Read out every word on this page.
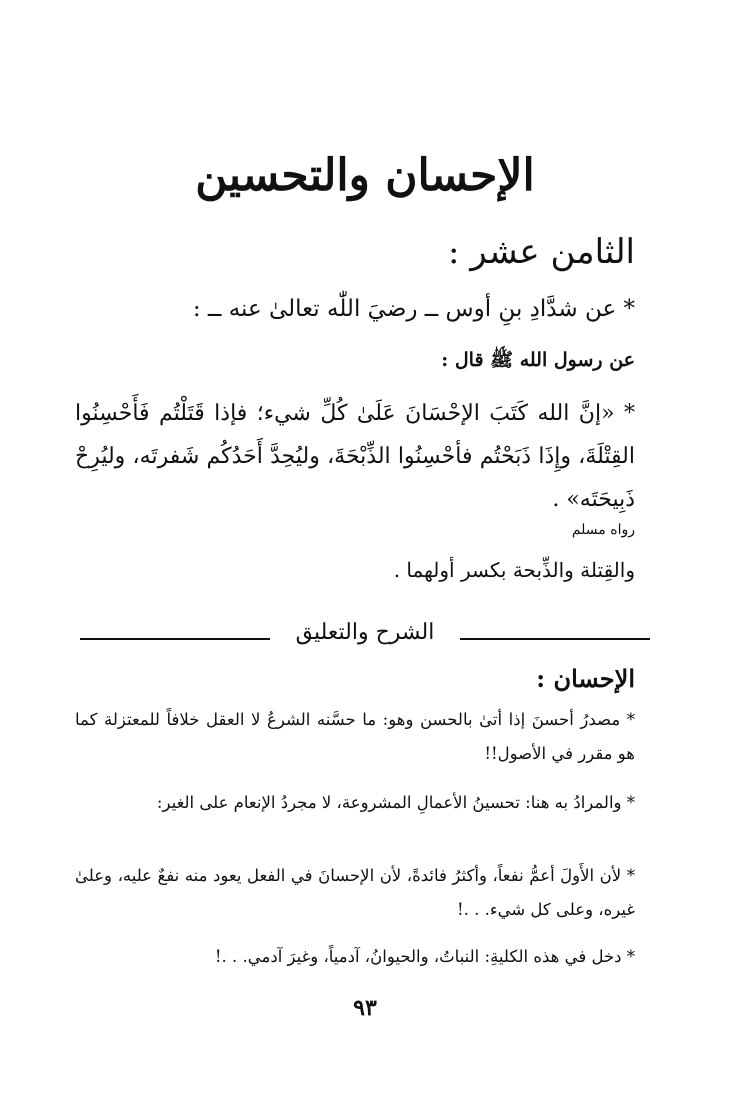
الإحسان والتحسين
الثامن عشر :
* عن شدَّادِ بنِ أوس ــ رضيَ اللّٰه تعالىٰ عنه ــ :
عن رسول الله ﷺ قال :
* «إنَّ الله كَتَبَ الإحْسَانَ عَلَىٰ كُلِّ شيء؛ فإذا قَتَلْتُم فَأَحْسِنُوا القِتْلَةَ، وإِذَا ذَبَحْتُم فأحْسِنُوا الذِّبْحَةَ، وليُحِدَّ أَحَدُكُم شَفرتَه، وليُرِحْ ذَبِيحَتَه» .
رواه مسلم
والقِتلة والذِّبحة بكسر أولهما .
الشرح والتعليق
الإحسان :
* مصدرُ أحسنَ إذا أتىٰ بالحسن وهو: ما حسَّنه الشرعُ لا العقل خلافاً للمعتزلة كما هو مقرر في الأصول!!
* والمرادُ به هنا: تحسينُ الأعمالِ المشروعة، لا مجردُ الإنعام على الغير:
* لأن الأَولَ أعمُّ نفعاً، وأكثرُ فائدةً، لأن الإحسانَ في الفعل يعود منه نفعٌ عليه، وعلىٰ غيره، وعلى كل شيء. . .!
* دخل في هذه الكليةِ: النباتُ، والحيوانُ، آدمياً، وغيرَ آدمي. . .!
٩٣
